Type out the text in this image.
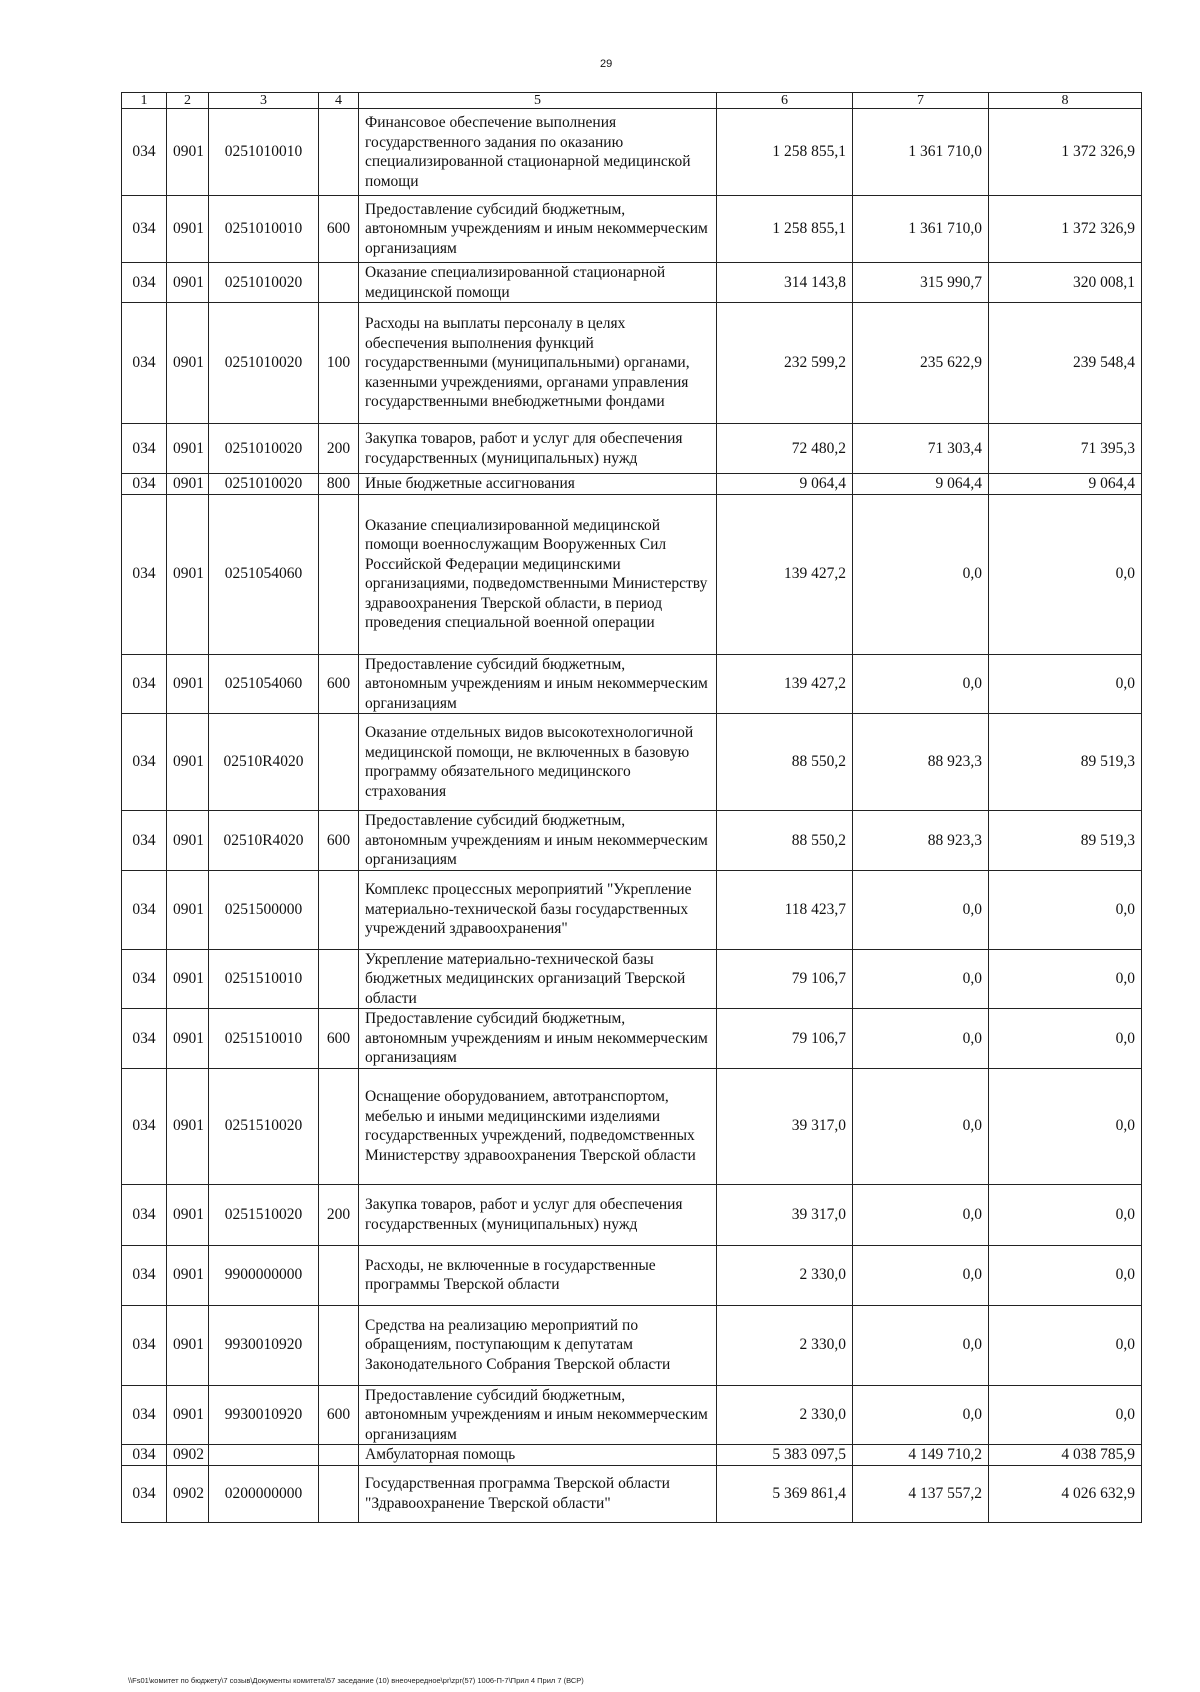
29
1	2	3	4	5	6	7	8
034	0901	0251010010		Финансовое обеспечение выполнения государственного задания по оказанию специализированной стационарной медицинской помощи	1 258 855,1	1 361 710,0	1 372 326,9
034	0901	0251010010	600	Предоставление субсидий бюджетным, автономным учреждениям и иным некоммерческим организациям	1 258 855,1	1 361 710,0	1 372 326,9
034	0901	0251010020		Оказание специализированной стационарной медицинской помощи	314 143,8	315 990,7	320 008,1
034	0901	0251010020	100	Расходы на выплаты персоналу в целях обеспечения выполнения функций государственными (муниципальными) органами, казенными учреждениями, органами управления государственными внебюджетными фондами	232 599,2	235 622,9	239 548,4
034	0901	0251010020	200	Закупка товаров, работ и услуг для обеспечения государственных (муниципальных) нужд	72 480,2	71 303,4	71 395,3
034	0901	0251010020	800	Иные бюджетные ассигнования	9 064,4	9 064,4	9 064,4
034	0901	0251054060		Оказание специализированной медицинской помощи военнослужащим Вооруженных Сил Российской Федерации медицинскими организациями, подведомственными Министерству здравоохранения Тверской области, в период проведения специальной военной операции	139 427,2	0,0	0,0
034	0901	0251054060	600	Предоставление субсидий бюджетным, автономным учреждениям и иным некоммерческим организациям	139 427,2	0,0	0,0
034	0901	02510R4020		Оказание отдельных видов высокотехнологичной медицинской помощи, не включенных в базовую программу обязательного медицинского страхования	88 550,2	88 923,3	89 519,3
034	0901	02510R4020	600	Предоставление субсидий бюджетным, автономным учреждениям и иным некоммерческим организациям	88 550,2	88 923,3	89 519,3
034	0901	0251500000		Комплекс процессных мероприятий "Укрепление материально-технической базы государственных учреждений здравоохранения"	118 423,7	0,0	0,0
034	0901	0251510010		Укрепление материально-технической базы бюджетных медицинских организаций Тверской области	79 106,7	0,0	0,0
034	0901	0251510010	600	Предоставление субсидий бюджетным, автономным учреждениям и иным некоммерческим организациям	79 106,7	0,0	0,0
034	0901	0251510020		Оснащение оборудованием, автотранспортом, мебелью и иными медицинскими изделиями государственных учреждений, подведомственных Министерству здравоохранения Тверской области	39 317,0	0,0	0,0
034	0901	0251510020	200	Закупка товаров, работ и услуг для обеспечения государственных (муниципальных) нужд	39 317,0	0,0	0,0
034	0901	9900000000		Расходы, не включенные в государственные программы Тверской области	2 330,0	0,0	0,0
034	0901	9930010920		Средства на реализацию мероприятий по обращениям, поступающим к депутатам Законодательного Собрания Тверской области	2 330,0	0,0	0,0
034	0901	9930010920	600	Предоставление субсидий бюджетным, автономным учреждениям и иным некоммерческим организациям	2 330,0	0,0	0,0
034	0902			Амбулаторная помощь	5 383 097,5	4 149 710,2	4 038 785,9
034	0902	0200000000		Государственная программа Тверской области "Здравоохранение Тверской области"	5 369 861,4	4 137 557,2	4 026 632,9
\\Fs01\комитет по бюджету\7 созыв\Документы комитета\57 заседание (10) внеочередное\pr\zpr(57) 1006-П-7\Прил 4 Прил 7 (ВСР)
